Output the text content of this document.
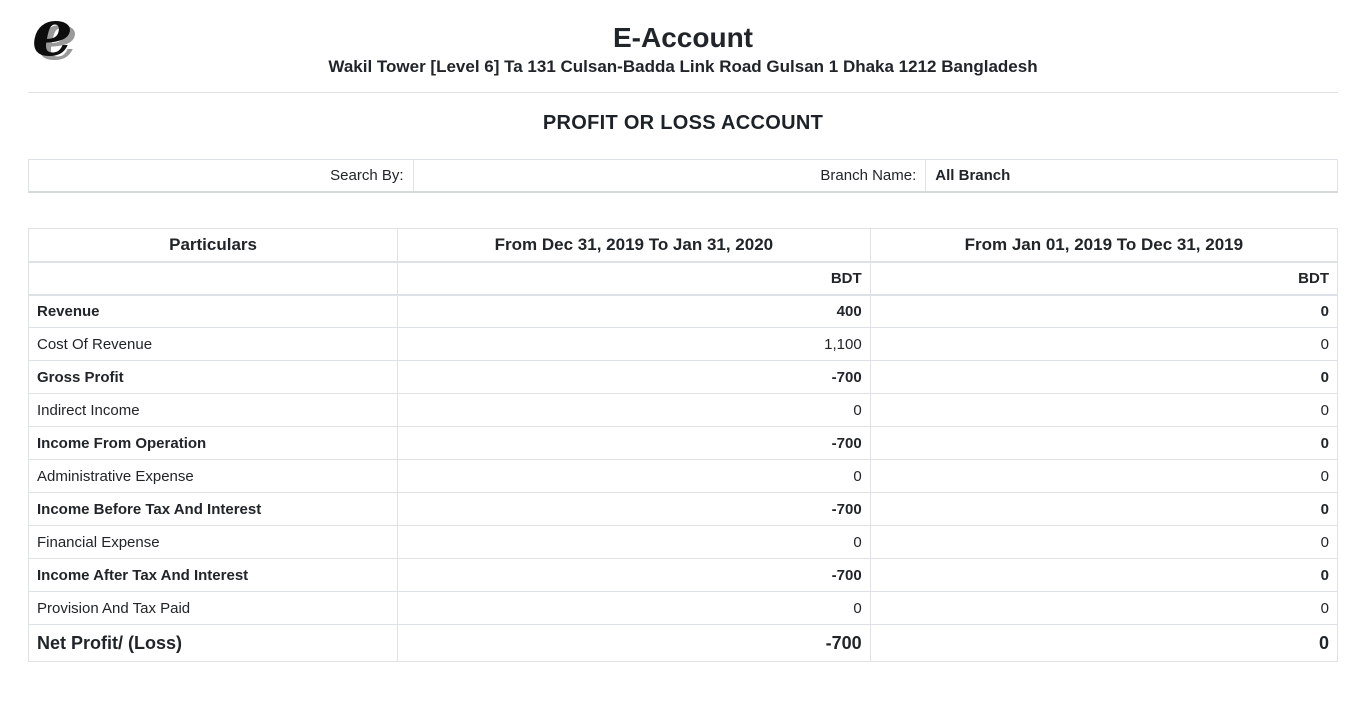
e	E-Account
Wakil Tower [Level 6] Ta 131 Culsan-Badda Link Road Gulsan 1 Dhaka 1212 Bangladesh
PROFIT OR LOSS ACCOUNT
Search By:	Branch Name:	All Branch
Particulars	From Dec 31, 2019 To Jan 31, 2020	From Jan 01, 2019 To Dec 31, 2019
	BDT	BDT
Revenue	400	0
Cost Of Revenue	1,100	0
Gross Profit	-700	0
Indirect Income	0	0
Income From Operation	-700	0
Administrative Expense	0	0
Income Before Tax And Interest	-700	0
Financial Expense	0	0
Income After Tax And Interest	-700	0
Provision And Tax Paid	0	0
Net Profit/ (Loss)	-700	0
